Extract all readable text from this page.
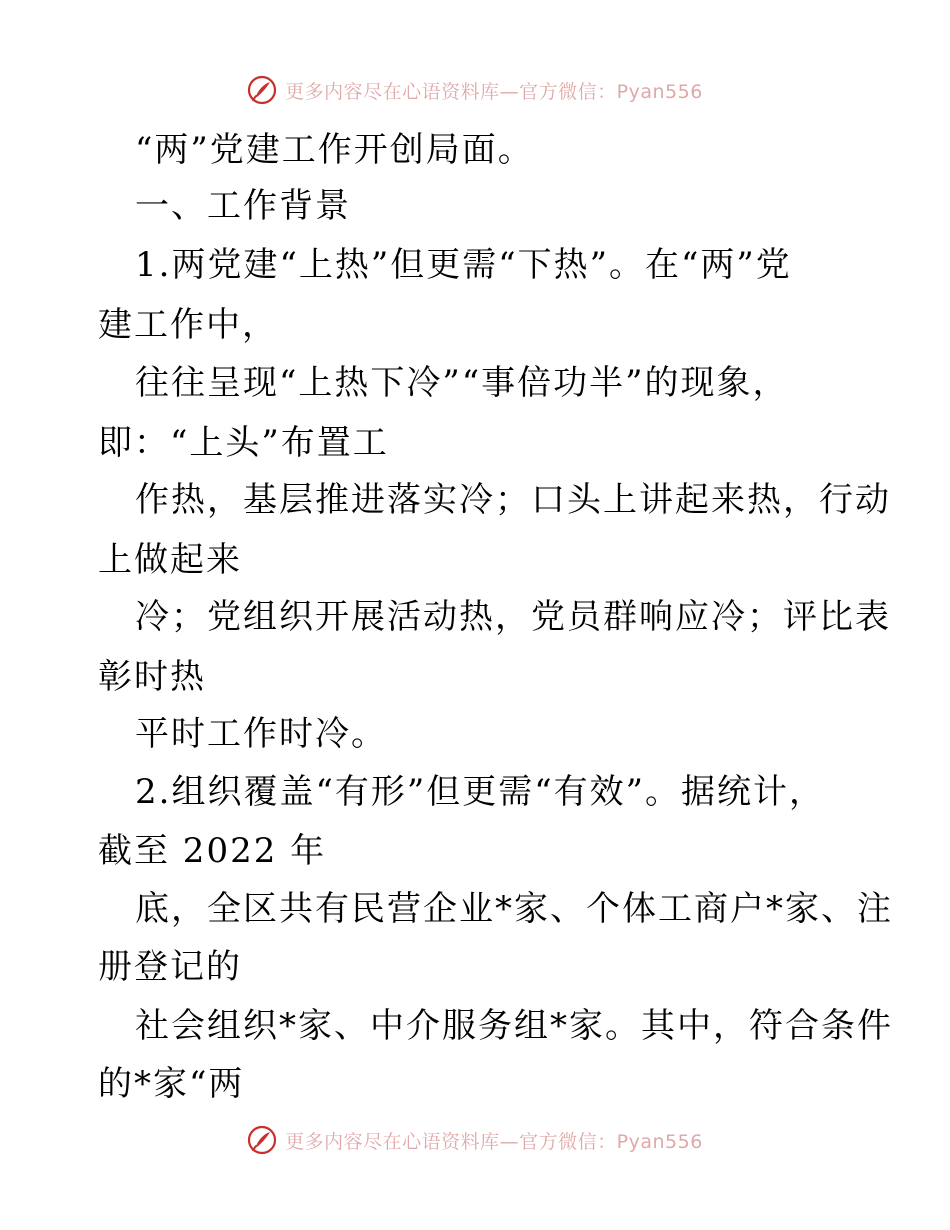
更多内容尽在心语资料库—官方微信：Pyan556
“两”党建工作开创局面。
一、工作背景
1.两党建“上热”但更需“下热”。在“两”党
建工作中，
往往呈现“上热下冷”“事倍功半”的现象，
即：“上头”布置工
作热，基层推进落实冷；口头上讲起来热，行动
上做起来
冷；党组织开展活动热，党员群响应冷；评比表
彰时热
平时工作时冷。
2.组织覆盖“有形”但更需“有效”。据统计，
截至 2022 年
底，全区共有民营企业*家、个体工商户*家、注
册登记的
社会组织*家、中介服务组*家。其中，符合条件
的*家“两
更多内容尽在心语资料库—官方微信：Pyan556
